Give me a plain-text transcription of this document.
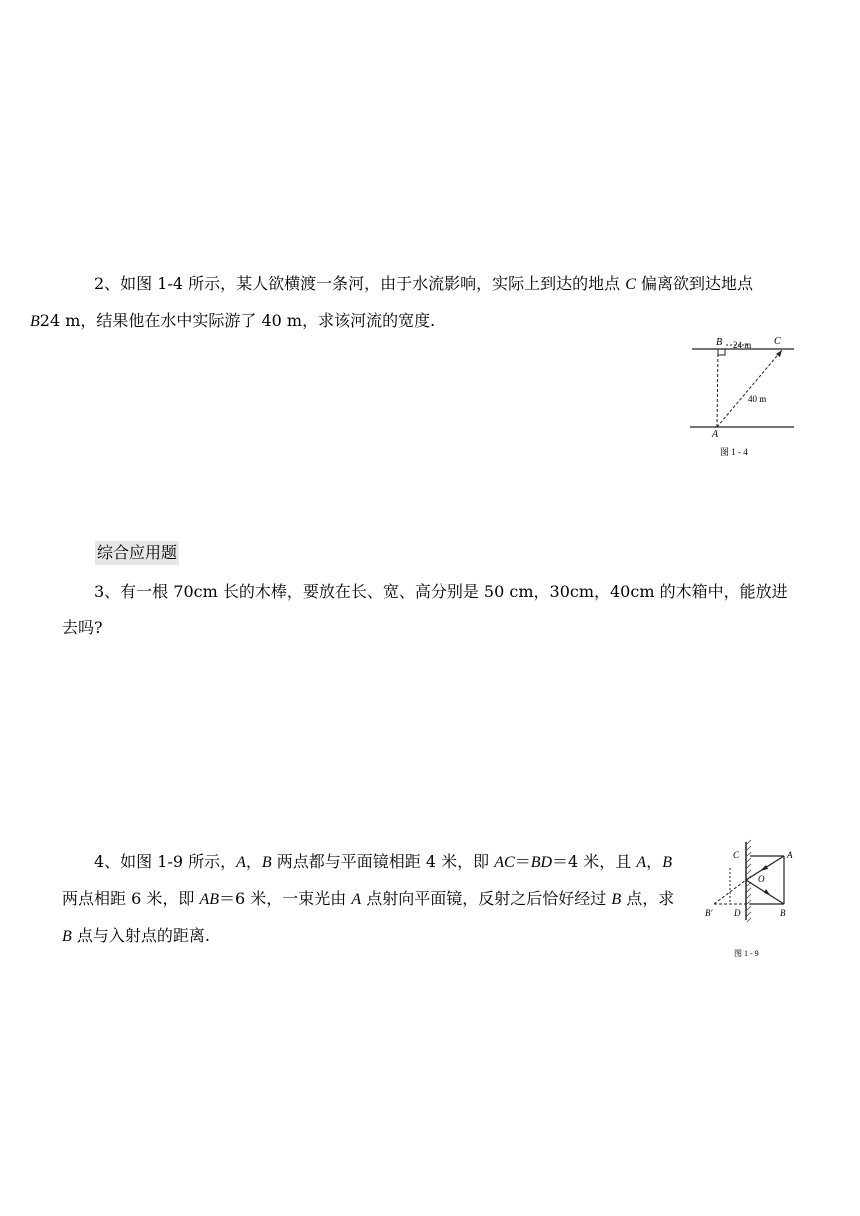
2、如图 1-4 所示，某人欲横渡一条河，由于水流影响，实际上到达的地点 C 偏离欲到达地点
B24 m，结果他在水中实际游了 40 m，求该河流的宽度.

B 24 m C
40 m
A
图 1 - 4
综合应用题

3、有一根 70cm 长的木棒，要放在长、宽、高分别是 50 cm，30cm，40cm 的木箱中，能放进去吗?

4、如图 1-9 所示，A，B 两点都与平面镜相距 4 米，即 AC＝BD＝4 米，且 A，B 两点相距 6 米，即 AB＝6 米，一束光由 A 点射向平面镜，反射之后恰好经过 B 点，求 B 点与入射点的距离.

C	A
O
B′ D	B
图 1 - 9
